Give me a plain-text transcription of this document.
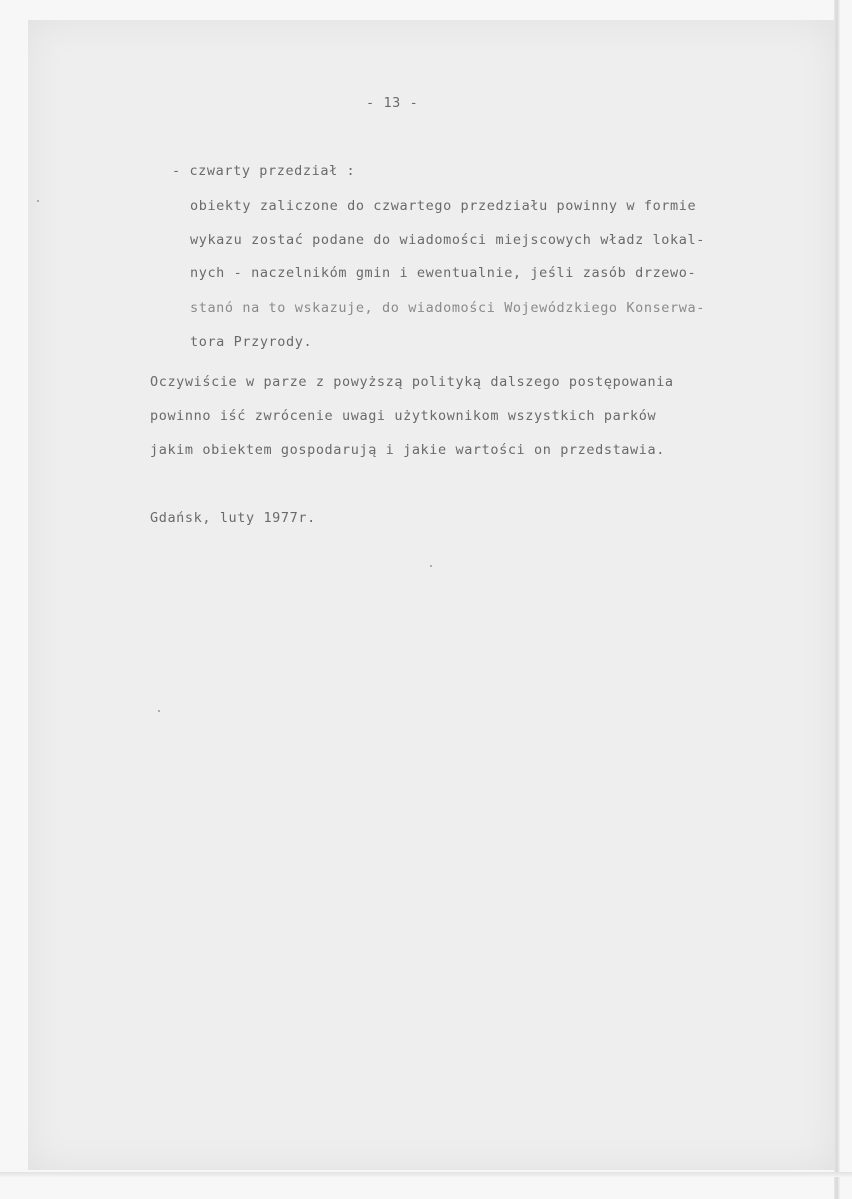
- 13 -
- czwarty przedział :
obiekty zaliczone do czwartego przedziału powinny w formie
wykazu zostać podane do wiadomości miejscowych władz lokal-
nych - naczelnikóm gmin i ewentualnie, jeśli zasób drzewo-
stanó na to wskazuje, do wiadomości Wojewódzkiego Konserwa-
tora Przyrody.
Oczywiście w parze z powyższą polityką dalszego postępowania
powinno iść zwrócenie uwagi użytkownikom wszystkich parków
jakim obiektem gospodarują i jakie wartości on przedstawia.
Gdańsk, luty 1977r.
